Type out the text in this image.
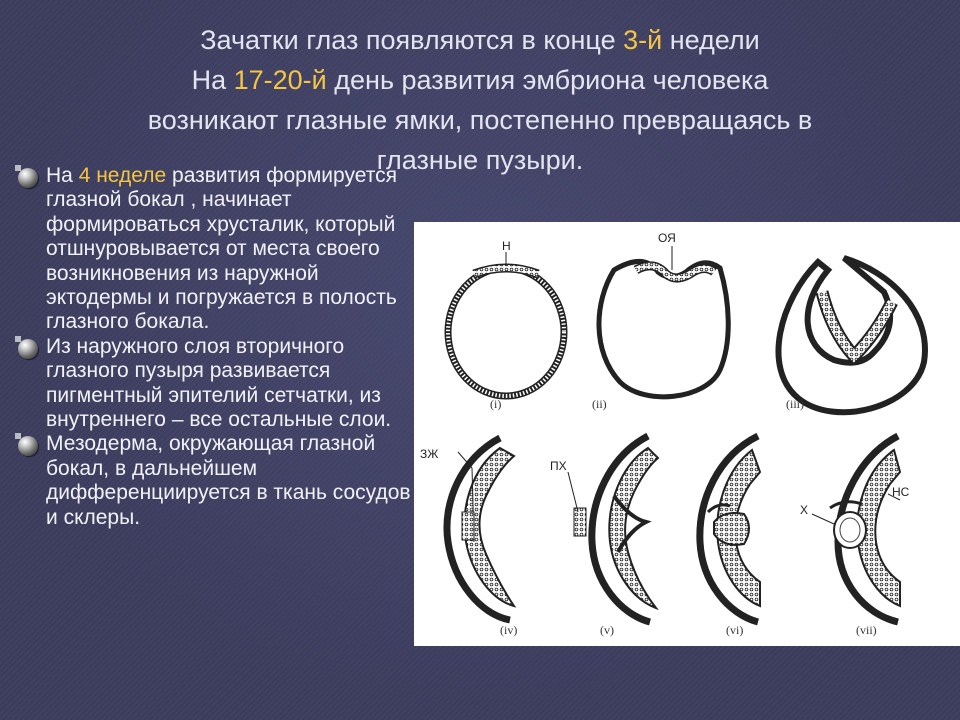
Зачатки глаз появляются в конце 3-й недели
На 17-20-й день развития эмбриона человека
возникают глазные ямки, постепенно превращаясь в
глазные пузыри.
На 4 неделе развития формируется глазной бокал , начинает формироваться хрусталик, который отшнуровывается от места своего возникновения из наружной эктодермы и погружается в полость глазного бокала.
Из наружного слоя вторичного глазного пузыря развивается пигментный эпителий сетчатки, из внутреннего – все остальные слои.
Мезодерма, окружающая глазной бокал, в дальнейшем дифференциируется в ткань сосудов и склеры.
Н
(i)
ОЯ
(ii)	(iii)
ЗЖ
(iv)
ПХ
(v)	(vi)
Х
НС
(vii)
